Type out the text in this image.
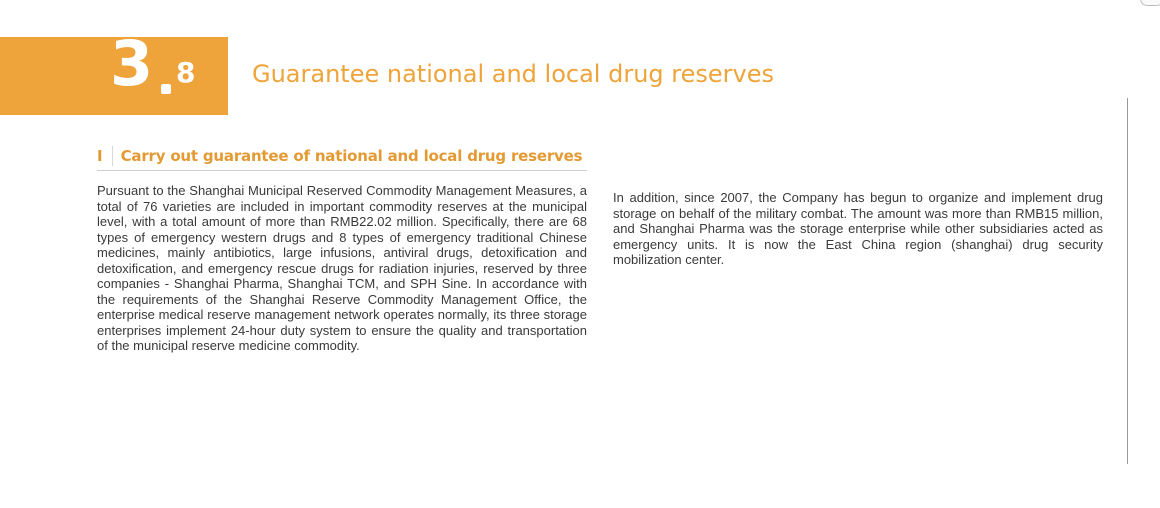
3 8 Guarantee national and local drug reserves
I Carry out guarantee of national and local drug reserves

Pursuant to the Shanghai Municipal Reserved Commodity Management Measures, a total of 76 varieties are included in important commodity reserves at the municipal level, with a total amount of more than RMB22.02 million. Specifically, there are 68 types of emergency western drugs and 8 types of emergency traditional Chinese medicines, mainly antibiotics, large infusions, antiviral drugs, detoxification and detoxification, and emergency rescue drugs for radiation injuries, reserved by three companies - Shanghai Pharma, Shanghai TCM, and SPH Sine. In accordance with the requirements of the Shanghai Reserve Commodity Management Office, the enterprise medical reserve management network operates normally, its three storage enterprises implement 24-hour duty system to ensure the quality and transportation of the municipal reserve medicine commodity.

In addition, since 2007, the Company has begun to organize and implement drug storage on behalf of the military combat. The amount was more than RMB15 million, and Shanghai Pharma was the storage enterprise while other subsidiaries acted as emergency units. It is now the East China region (shanghai) drug security mobilization center.
